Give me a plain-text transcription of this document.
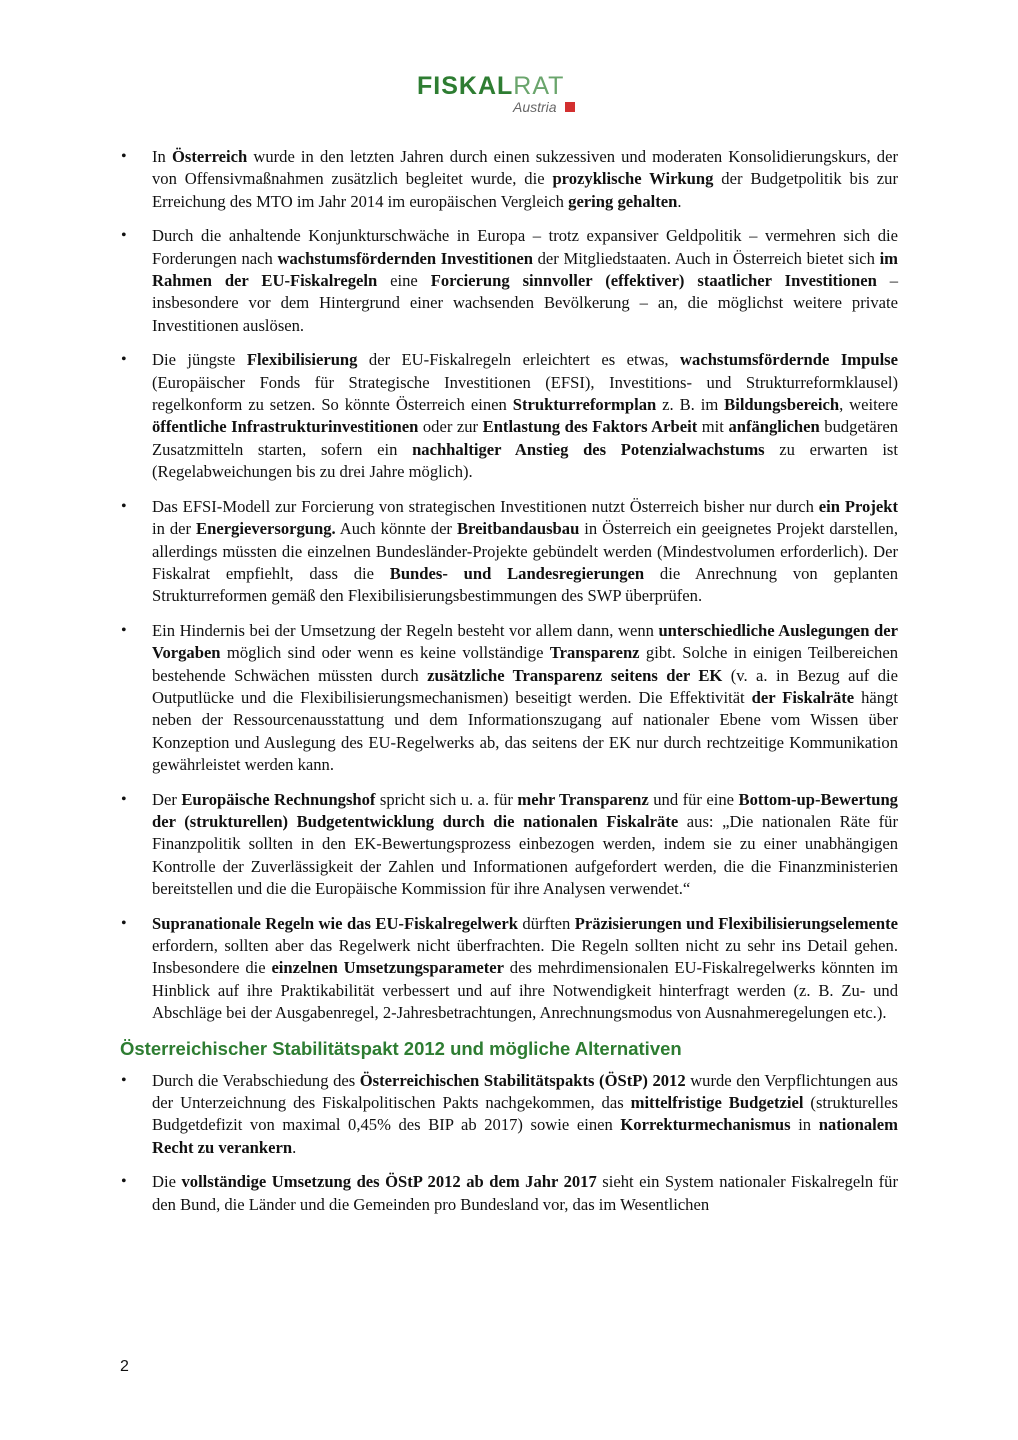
FISKALRAT
Austria
• In Österreich wurde in den letzten Jahren durch einen sukzessiven und moderaten Konsolidierungskurs, der von Offensivmaßnahmen zusätzlich begleitet wurde, die prozyklische Wirkung der Budgetpolitik bis zur Erreichung des MTO im Jahr 2014 im europäischen Vergleich gering gehalten.
• Durch die anhaltende Konjunkturschwäche in Europa – trotz expansiver Geldpolitik – vermehren sich die Forderungen nach wachstumsfördernden Investitionen der Mitgliedstaaten. Auch in Österreich bietet sich im Rahmen der EU-Fiskalregeln eine Forcierung sinnvoller (effektiver) staatlicher Investitionen – insbesondere vor dem Hintergrund einer wachsenden Bevölkerung – an, die möglichst weitere private Investitionen auslösen.
• Die jüngste Flexibilisierung der EU-Fiskalregeln erleichtert es etwas, wachstumsfördernde Impulse (Europäischer Fonds für Strategische Investitionen (EFSI), Investitions- und Strukturreformklausel) regelkonform zu setzen. So könnte Österreich einen Strukturreformplan z. B. im Bildungsbereich, weitere öffentliche Infrastrukturinvestitionen oder zur Entlastung des Faktors Arbeit mit anfänglichen budgetären Zusatzmitteln starten, sofern ein nachhaltiger Anstieg des Potenzialwachstums zu erwarten ist (Regelabweichungen bis zu drei Jahre möglich).
• Das EFSI-Modell zur Forcierung von strategischen Investitionen nutzt Österreich bisher nur durch ein Projekt in der Energieversorgung. Auch könnte der Breitbandausbau in Österreich ein geeignetes Projekt darstellen, allerdings müssten die einzelnen Bundesländer-Projekte gebündelt werden (Mindestvolumen erforderlich). Der Fiskalrat empfiehlt, dass die Bundes- und Landesregierungen die Anrechnung von geplanten Strukturreformen gemäß den Flexibilisierungsbestimmungen des SWP überprüfen.
• Ein Hindernis bei der Umsetzung der Regeln besteht vor allem dann, wenn unterschiedliche Auslegungen der Vorgaben möglich sind oder wenn es keine vollständige Transparenz gibt. Solche in einigen Teilbereichen bestehende Schwächen müssten durch zusätzliche Transparenz seitens der EK (v. a. in Bezug auf die Outputlücke und die Flexibilisierungsmechanismen) beseitigt werden. Die Effektivität der Fiskalräte hängt neben der Ressourcenausstattung und dem Informationszugang auf nationaler Ebene vom Wissen über Konzeption und Auslegung des EU-Regelwerks ab, das seitens der EK nur durch rechtzeitige Kommunikation gewährleistet werden kann.
• Der Europäische Rechnungshof spricht sich u. a. für mehr Transparenz und für eine Bottom-up-Bewertung der (strukturellen) Budgetentwicklung durch die nationalen Fiskalräte aus: „Die nationalen Räte für Finanzpolitik sollten in den EK-Bewertungsprozess einbezogen werden, indem sie zu einer unabhängigen Kontrolle der Zuverlässigkeit der Zahlen und Informationen aufgefordert werden, die die Finanzministerien bereitstellen und die die Europäische Kommission für ihre Analysen verwendet.“
• Supranationale Regeln wie das EU-Fiskalregelwerk dürften Präzisierungen und Flexibilisierungselemente erfordern, sollten aber das Regelwerk nicht überfrachten. Die Regeln sollten nicht zu sehr ins Detail gehen. Insbesondere die einzelnen Umsetzungsparameter des mehrdimensionalen EU-Fiskalregelwerks könnten im Hinblick auf ihre Praktikabilität verbessert und auf ihre Notwendigkeit hinterfragt werden (z. B. Zu- und Abschläge bei der Ausgabenregel, 2-Jahresbetrachtungen, Anrechnungsmodus von Ausnahmeregelungen etc.).
Österreichischer Stabilitätspakt 2012 und mögliche Alternativen
• Durch die Verabschiedung des Österreichischen Stabilitätspakts (ÖStP) 2012 wurde den Verpflichtungen aus der Unterzeichnung des Fiskalpolitischen Pakts nachgekommen, das mittelfristige Budgetziel (strukturelles Budgetdefizit von maximal 0,45% des BIP ab 2017) sowie einen Korrekturmechanismus in nationalem Recht zu verankern.
• Die vollständige Umsetzung des ÖStP 2012 ab dem Jahr 2017 sieht ein System nationaler Fiskalregeln für den Bund, die Länder und die Gemeinden pro Bundesland vor, das im Wesentlichen
2
